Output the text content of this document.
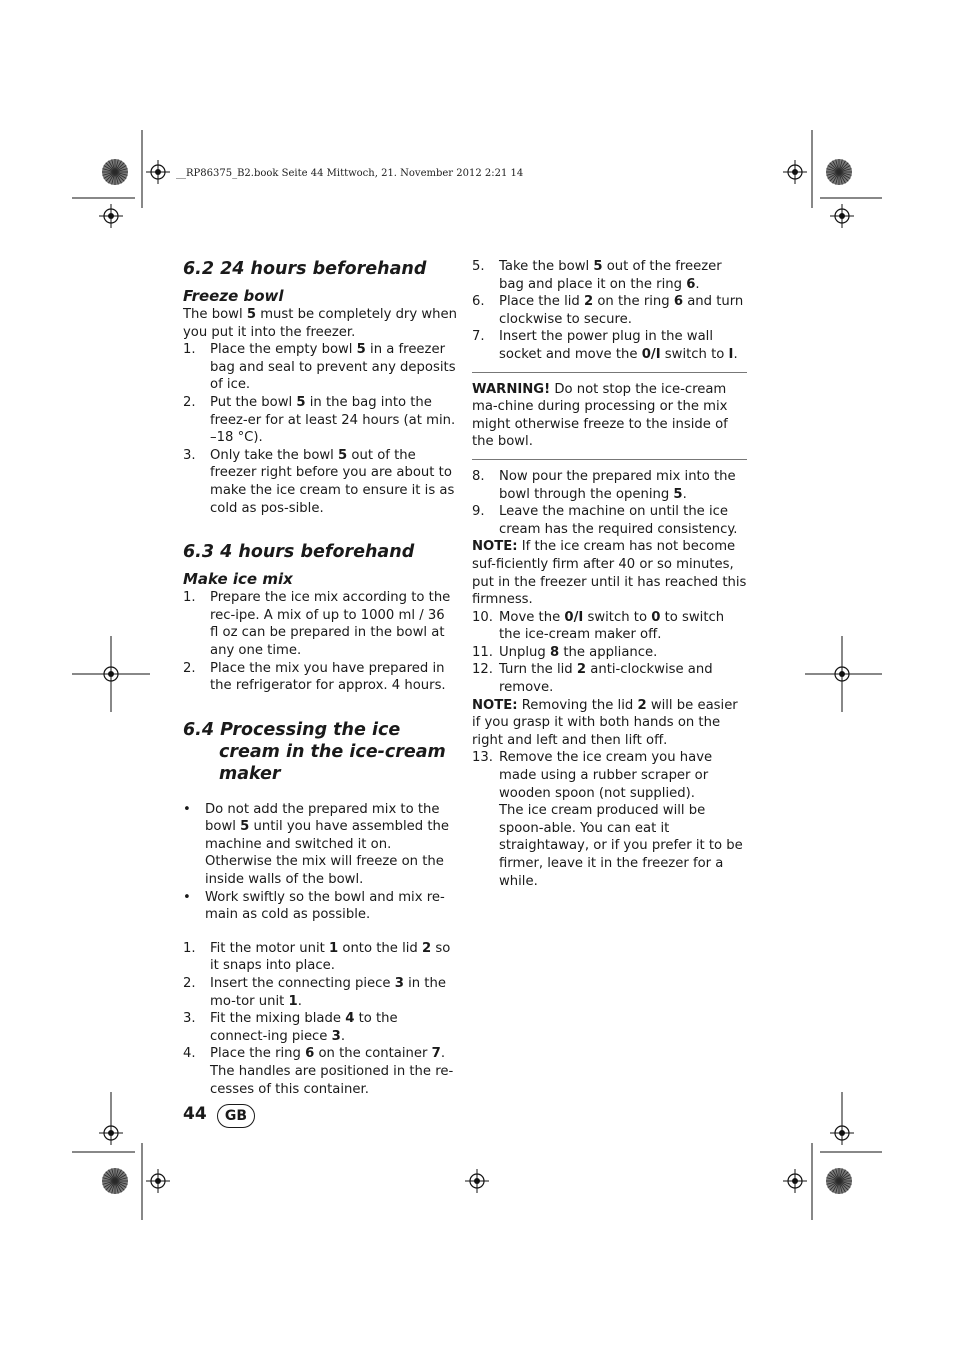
__RP86375_B2.book Seite 44 Mittwoch, 21. November 2012 2:21 14
6.2 24 hours beforehand
Freeze bowl

The bowl 5 must be completely dry when you put it into the freezer.

1.	Place the empty bowl 5 in a freezer bag and seal to prevent any deposits of ice.
2.	Put the bowl 5 in the bag into the freez-er for at least 24 hours (at min. –18 °C).
3.	Only take the bowl 5 out of the freezer right before you are about to make the ice cream to ensure it is as cold as pos-sible.
6.3 4 hours beforehand
Make ice mix
1.	Prepare the ice mix according to the rec-ipe. A mix of up to 1000 ml / 36 fl oz can be prepared in the bowl at any one time.
2.	Place the mix you have prepared in the refrigerator for approx. 4 hours.
6.4 Processing the ice cream in the ice-cream maker
•	Do not add the prepared mix to the bowl 5 until you have assembled the machine and switched it on. Otherwise the mix will freeze on the inside walls of the bowl.
•	Work swiftly so the bowl and mix re-main as cold as possible.
1.	Fit the motor unit 1 onto the lid 2 so it snaps into place.
2.	Insert the connecting piece 3 in the mo-tor unit 1.
3.	Fit the mixing blade 4 to the connect-ing piece 3.
4.	Place the ring 6 on the container 7. The handles are positioned in the re-cesses of this container.
5.	Take the bowl 5 out of the freezer bag and place it on the ring 6.
6.	Place the lid 2 on the ring 6 and turn clockwise to secure.
7.	Insert the power plug in the wall socket and move the 0/I switch to I.

WARNING! Do not stop the ice-cream ma-chine during processing or the mix might otherwise freeze to the inside of the bowl.

8.	Now pour the prepared mix into the bowl through the opening 5.
9.	Leave the machine on until the ice cream has the required consistency.

NOTE: If the ice cream has not become suf-ficiently firm after 40 or so minutes, put in the freezer until it has reached this firmness.

10. Move the 0/I switch to 0 to switch the ice-cream maker off.
11. Unplug 8 the appliance.
12. Turn the lid 2 anti-clockwise and remove.

NOTE: Removing the lid 2 will be easier if you grasp it with both hands on the right and left and then lift off.

13. Remove the ice cream you have made using a rubber scraper or wooden spoon (not supplied).
The ice cream produced will be spoon-able. You can eat it straightaway, or if you prefer it to be firmer, leave it in the freezer for a while.
44	GB
